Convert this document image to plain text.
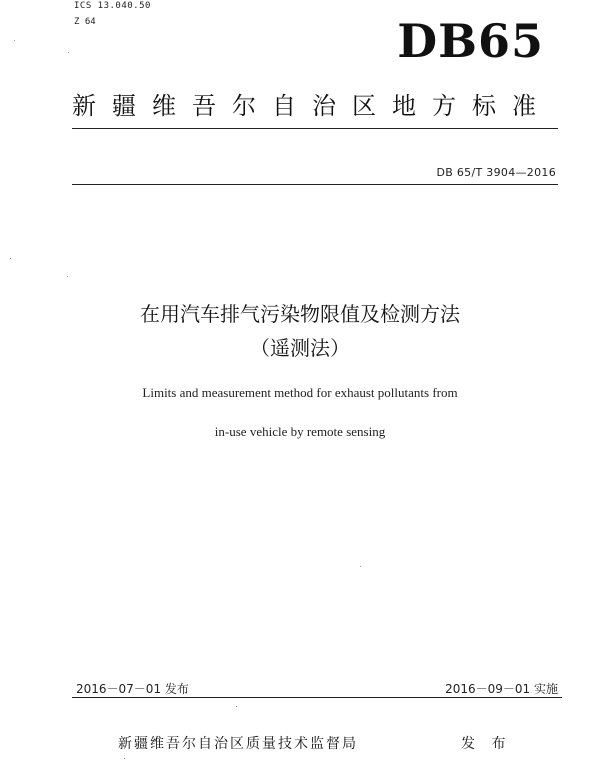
ICS 13.040.50
Z 64	DB65
新疆维吾尔自治区地方标准
DB 65/T 3904—2016
在用汽车排气污染物限值及检测方法
（遥测法）
Limits and measurement method for exhaust pollutants from
in-use vehicle by remote sensing
2016－07－01 发布	2016－09－01 实施
新疆维吾尔自治区质量技术监督局	发 布
